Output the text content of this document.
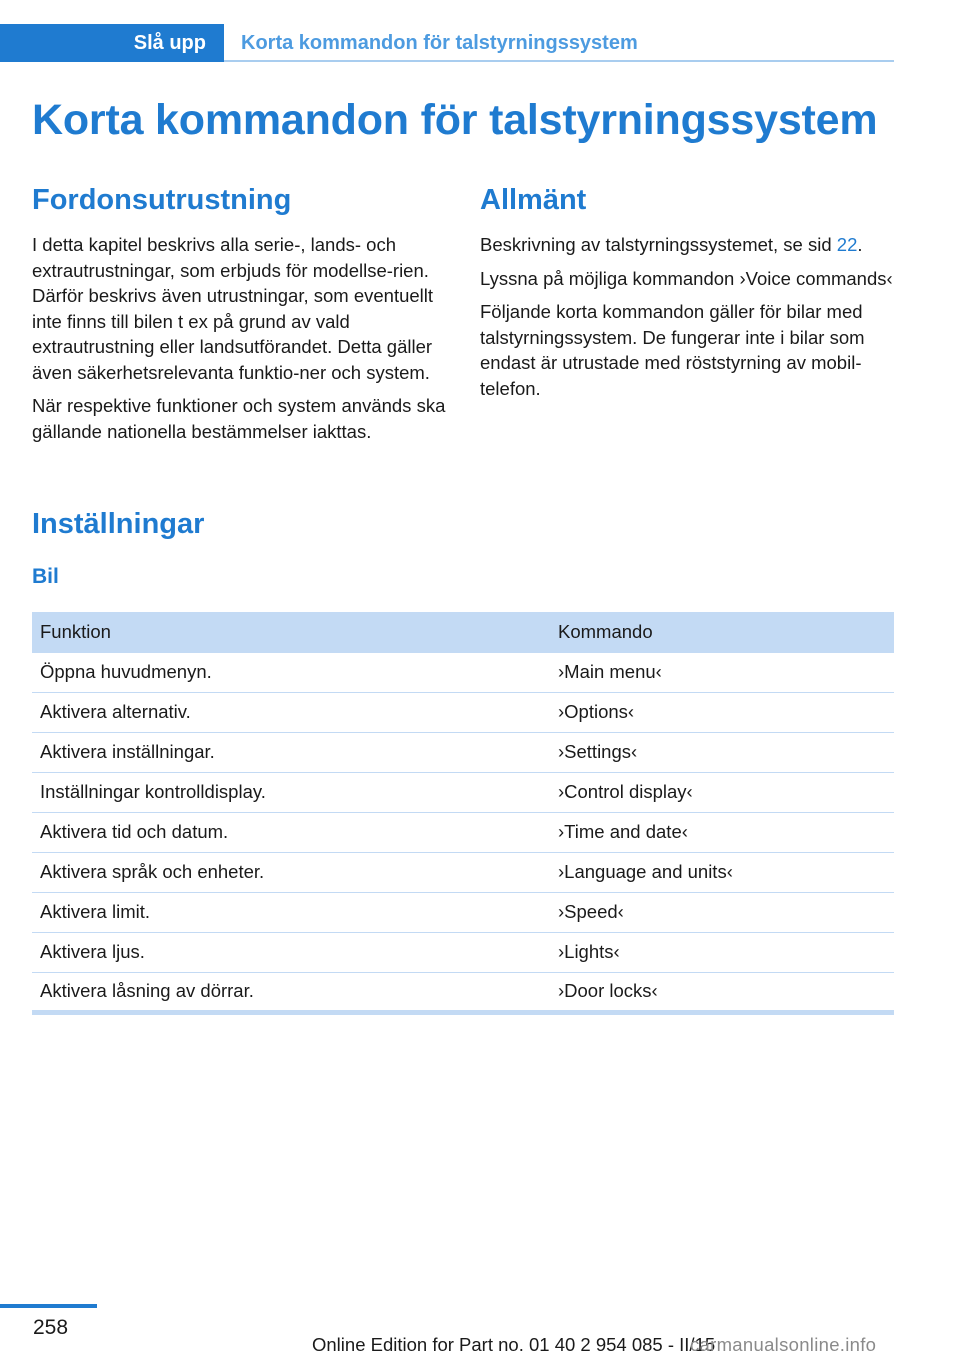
Slå upp	Korta kommandon för talstyrningssystem
Korta kommandon för talstyrningssystem
Fordonsutrustning

I detta kapitel beskrivs alla serie-, lands- och extrautrustningar, som erbjuds för modellse-rien. Därför beskrivs även utrustningar, som eventuellt inte finns till bilen t ex på grund av vald extrautrustning eller landsutförandet. Detta gäller även säkerhetsrelevanta funktio-ner och system.

När respektive funktioner och system används ska gällande nationella bestämmelser iakttas.

Allmänt

Beskrivning av talstyrningssystemet, se sid 22.

Lyssna på möjliga kommandon ›Voice commands‹

Följande korta kommandon gäller för bilar med talstyrningssystem. De fungerar inte i bilar som endast är utrustade med röststyrning av mobil-telefon.

Inställningar
Bil
Funktion	Kommando
Öppna huvudmenyn.	›Main menu‹
Aktivera alternativ.	›Options‹
Aktivera inställningar.	›Settings‹
Inställningar kontrolldisplay.	›Control display‹
Aktivera tid och datum.	›Time and date‹
Aktivera språk och enheter.	›Language and units‹
Aktivera limit.	›Speed‹
Aktivera ljus.	›Lights‹
Aktivera låsning av dörrar.	›Door locks‹
258
Online Edition for Part no. 01 40 2 954 085 - II/15
carmanualsonline.info
